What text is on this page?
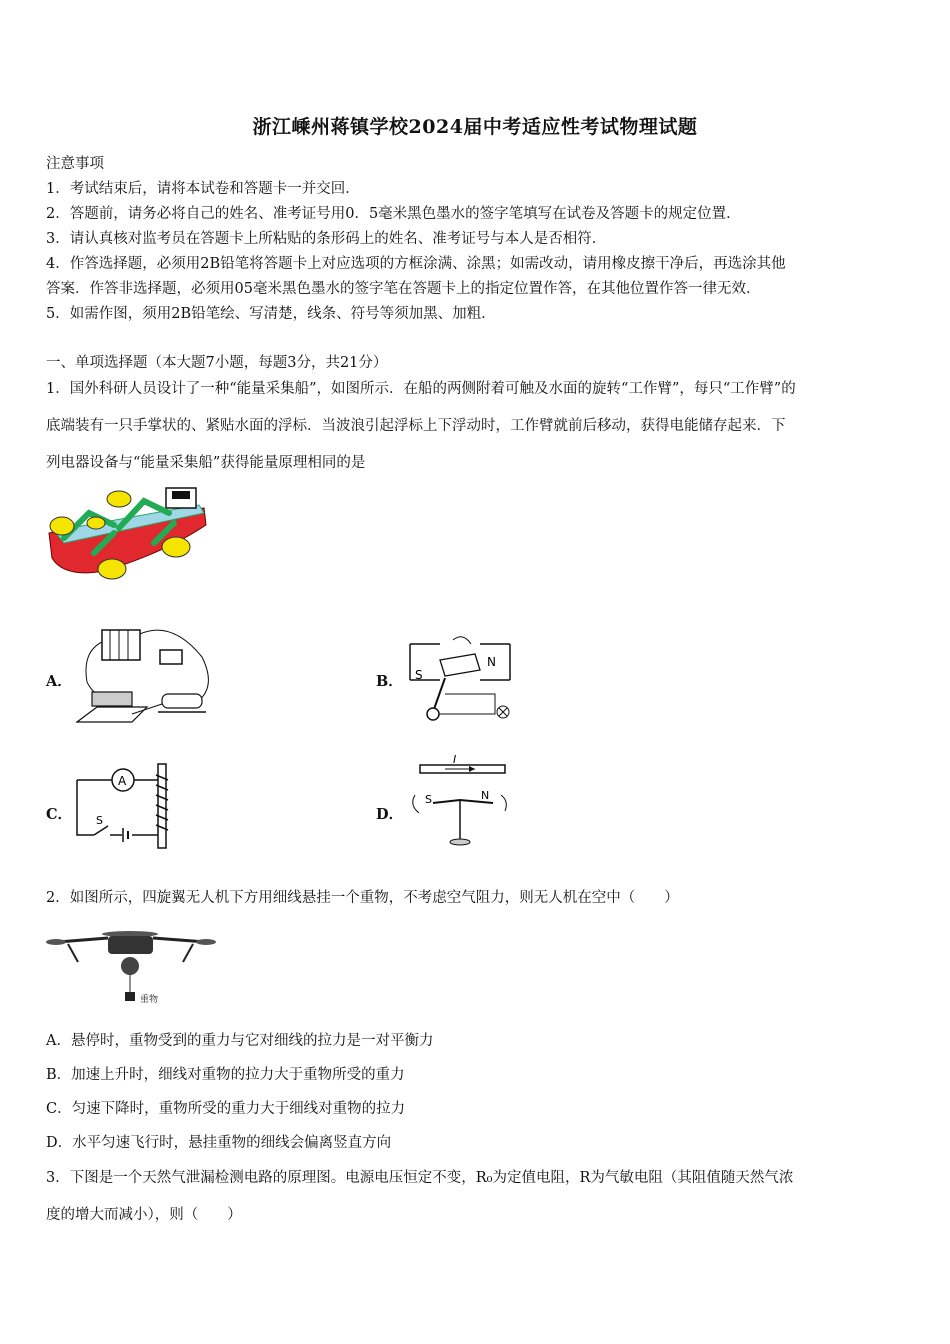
浙江嵊州蒋镇学校2024届中考适应性考试物理试题
注意事项
1．考试结束后，请将本试卷和答题卡一并交回．
2．答题前，请务必将自己的姓名、准考证号用0．5毫米黑色墨水的签字笔填写在试卷及答题卡的规定位置．
3．请认真核对监考员在答题卡上所粘贴的条形码上的姓名、准考证号与本人是否相符．
4．作答选择题，必须用2B铅笔将答题卡上对应选项的方框涂满、涂黑；如需改动，请用橡皮擦干净后，再选涂其他
答案．作答非选择题，必须用05毫米黑色墨水的签字笔在答题卡上的指定位置作答，在其他位置作答一律无效．
5．如需作图，须用2B铅笔绘、写清楚，线条、符号等须加黑、加粗．
一、单项选择题（本大题7小题，每题3分，共21分）
1．国外科研人员设计了一种“能量采集船”，如图所示．在船的两侧附着可触及水面的旋转“工作臂”，每只“工作臂”的
底端装有一只手掌状的、紧贴水面的浮标．当波浪引起浮标上下浮动时，工作臂就前后移动，获得电能储存起来．下
列电器设备与“能量采集船”获得能量原理相同的是
A．	B． S
N
C．
A
S	D．
I
S	N
2．如图所示，四旋翼无人机下方用细线悬挂一个重物，不考虑空气阻力，则无人机在空中（　　）
重物
A．悬停时，重物受到的重力与它对细线的拉力是一对平衡力
B．加速上升时，细线对重物的拉力大于重物所受的重力
C．匀速下降时，重物所受的重力大于细线对重物的拉力
D．水平匀速飞行时，悬挂重物的细线会偏离竖直方向
3．下图是一个天然气泄漏检测电路的原理图。电源电压恒定不变，R₀为定值电阻，R为气敏电阻（其阻值随天然气浓
度的增大而减小），则（　　）
